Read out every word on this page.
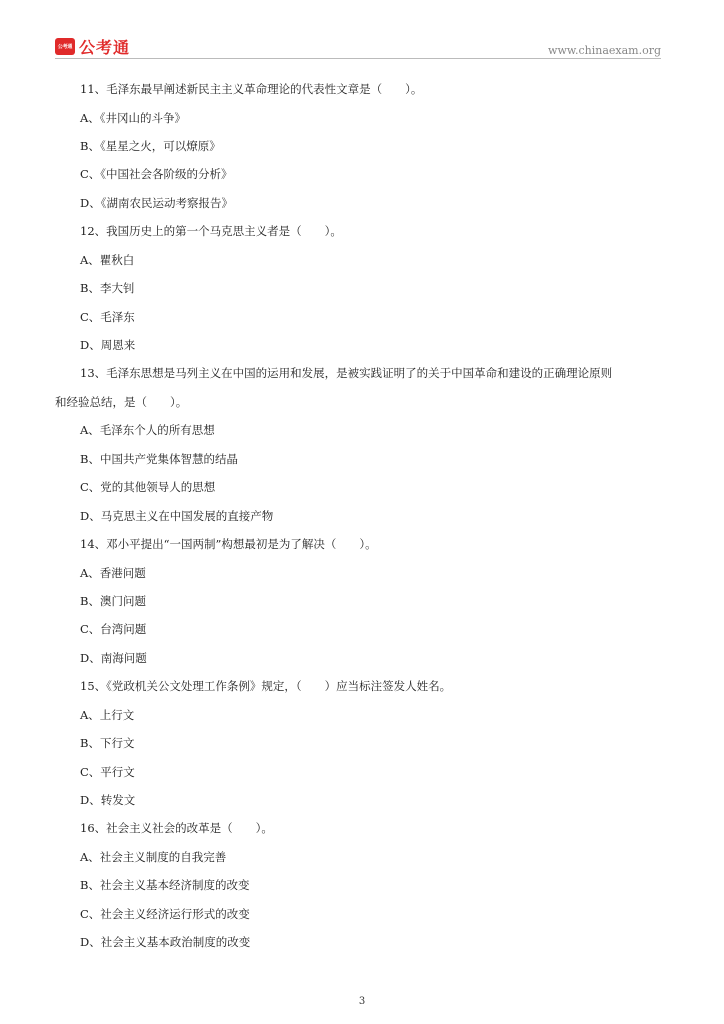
公考通 公考通	www.chinaexam.org
11、毛泽东最早阐述新民主主义革命理论的代表性文章是（　　）。
A、《井冈山的斗争》
B、《星星之火，可以燎原》
C、《中国社会各阶级的分析》
D、《湖南农民运动考察报告》
12、我国历史上的第一个马克思主义者是（　　）。
A、瞿秋白
B、李大钊
C、毛泽东
D、周恩来
13、毛泽东思想是马列主义在中国的运用和发展，是被实践证明了的关于中国革命和建设的正确理论原则
和经验总结，是（　　）。
A、毛泽东个人的所有思想
B、中国共产党集体智慧的结晶
C、党的其他领导人的思想
D、马克思主义在中国发展的直接产物
14、邓小平提出“一国两制”构想最初是为了解决（　　）。
A、香港问题
B、澳门问题
C、台湾问题
D、南海问题
15、《党政机关公文处理工作条例》规定，（　　）应当标注签发人姓名。
A、上行文
B、下行文
C、平行文
D、转发文
16、社会主义社会的改革是（　　）。
A、社会主义制度的自我完善
B、社会主义基本经济制度的改变
C、社会主义经济运行形式的改变
D、社会主义基本政治制度的改变
3
